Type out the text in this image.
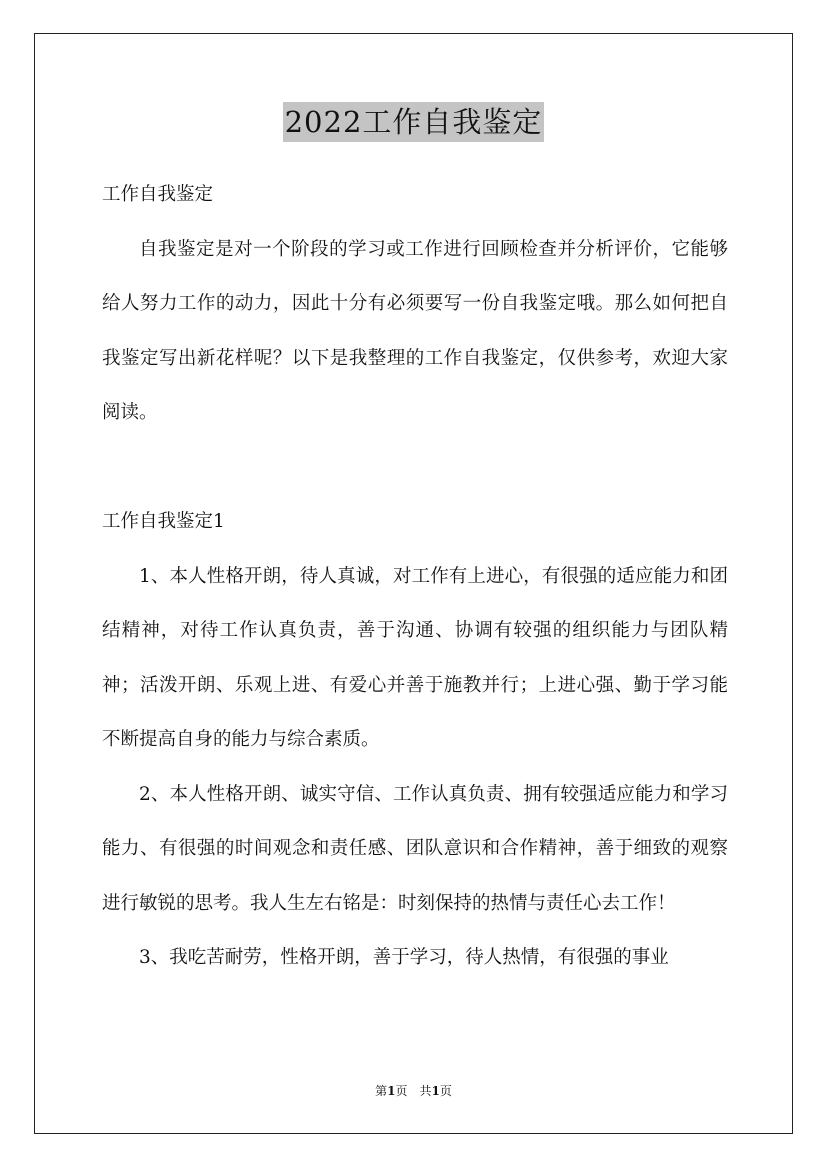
2022工作自我鉴定

工作自我鉴定

自我鉴定是对一个阶段的学习或工作进行回顾检查并分析评价，它能够给人努力工作的动力，因此十分有必须要写一份自我鉴定哦。那么如何把自我鉴定写出新花样呢？以下是我整理的工作自我鉴定，仅供参考，欢迎大家阅读。

工作自我鉴定1

1、本人性格开朗，待人真诚，对工作有上进心，有很强的适应能力和团结精神，对待工作认真负责，善于沟通、协调有较强的组织能力与团队精神；活泼开朗、乐观上进、有爱心并善于施教并行；上进心强、勤于学习能不断提高自身的能力与综合素质。

2、本人性格开朗、诚实守信、工作认真负责、拥有较强适应能力和学习能力、有很强的时间观念和责任感、团队意识和合作精神，善于细致的观察进行敏锐的思考。我人生左右铭是：时刻保持的热情与责任心去工作！

3、我吃苦耐劳，性格开朗，善于学习，待人热情，有很强的事业

第1页　共1页
